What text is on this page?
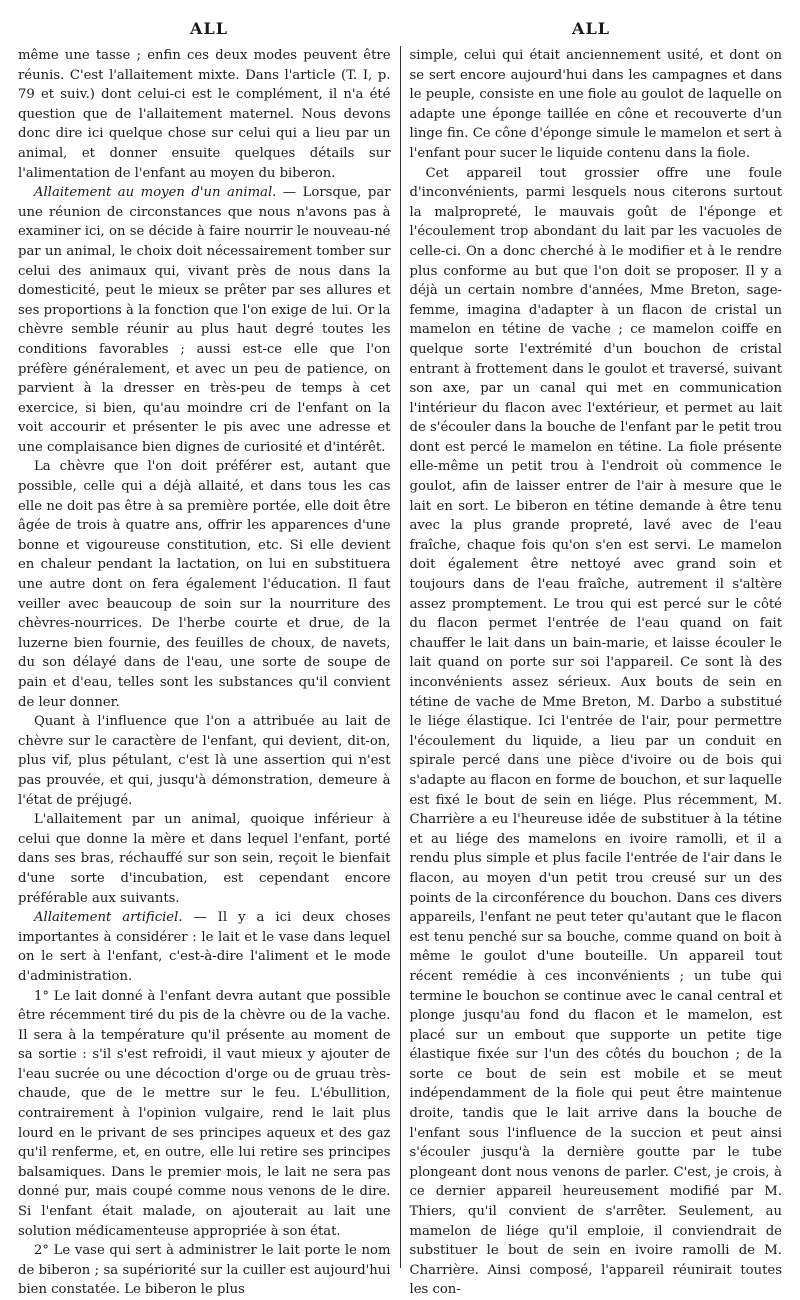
ALL	ALL

même une tasse ; enfin ces deux modes peuvent être réunis. C'est l'allaitement mixte. Dans l'article (T. I, p. 79 et suiv.) dont celui-ci est le complément, il n'a été question que de l'allaitement maternel. Nous devons donc dire ici quelque chose sur celui qui a lieu par un animal, et donner ensuite quelques détails sur l'alimentation de l'enfant au moyen du biberon.

Allaitement au moyen d'un animal. — Lorsque, par une réunion de circonstances que nous n'avons pas à examiner ici, on se décide à faire nourrir le nouveau-né par un animal, le choix doit nécessairement tomber sur celui des animaux qui, vivant près de nous dans la domesticité, peut le mieux se prêter par ses allures et ses proportions à la fonction que l'on exige de lui. Or la chèvre semble réunir au plus haut degré toutes les conditions favorables ; aussi est-ce elle que l'on préfère généralement, et avec un peu de patience, on parvient à la dresser en très-peu de temps à cet exercice, si bien, qu'au moindre cri de l'enfant on la voit accourir et présenter le pis avec une adresse et une complaisance bien dignes de curiosité et d'intérêt.

La chèvre que l'on doit préférer est, autant que possible, celle qui a déjà allaité, et dans tous les cas elle ne doit pas être à sa première portée, elle doit être âgée de trois à quatre ans, offrir les apparences d'une bonne et vigoureuse constitution, etc. Si elle devient en chaleur pendant la lactation, on lui en substituera une autre dont on fera également l'éducation. Il faut veiller avec beaucoup de soin sur la nourriture des chèvres-nourrices. De l'herbe courte et drue, de la luzerne bien fournie, des feuilles de choux, de navets, du son délayé dans de l'eau, une sorte de soupe de pain et d'eau, telles sont les substances qu'il convient de leur donner.

Quant à l'influence que l'on a attribuée au lait de chèvre sur le caractère de l'enfant, qui devient, dit-on, plus vif, plus pétulant, c'est là une assertion qui n'est pas prouvée, et qui, jusqu'à démonstration, demeure à l'état de préjugé.

L'allaitement par un animal, quoique inférieur à celui que donne la mère et dans lequel l'enfant, porté dans ses bras, réchauffé sur son sein, reçoit le bienfait d'une sorte d'incubation, est cependant encore préférable aux suivants.

Allaitement artificiel. — Il y a ici deux choses importantes à considérer : le lait et le vase dans lequel on le sert à l'enfant, c'est-à-dire l'aliment et le mode d'administration.

1° Le lait donné à l'enfant devra autant que possible être récemment tiré du pis de la chèvre ou de la vache. Il sera à la température qu'il présente au moment de sa sortie : s'il s'est refroidi, il vaut mieux y ajouter de l'eau sucrée ou une décoction d'orge ou de gruau très-chaude, que de le mettre sur le feu. L'ébullition, contrairement à l'opinion vulgaire, rend le lait plus lourd en le privant de ses principes aqueux et des gaz qu'il renferme, et, en outre, elle lui retire ses principes balsamiques. Dans le premier mois, le lait ne sera pas donné pur, mais coupé comme nous venons de le dire. Si l'enfant était malade, on ajouterait au lait une solution médicamenteuse appropriée à son état.

2° Le vase qui sert à administrer le lait porte le nom de biberon ; sa supériorité sur la cuiller est aujourd'hui bien constatée. Le biberon le plus

simple, celui qui était anciennement usité, et dont on se sert encore aujourd'hui dans les campagnes et dans le peuple, consiste en une fiole au goulot de laquelle on adapte une éponge taillée en cône et recouverte d'un linge fin. Ce cône d'éponge simule le mamelon et sert à l'enfant pour sucer le liquide contenu dans la fiole.

Cet appareil tout grossier offre une foule d'inconvénients, parmi lesquels nous citerons surtout la malpropreté, le mauvais goût de l'éponge et l'écoulement trop abondant du lait par les vacuoles de celle-ci. On a donc cherché à le modifier et à le rendre plus conforme au but que l'on doit se proposer. Il y a déjà un certain nombre d'années, Mme Breton, sage-femme, imagina d'adapter à un flacon de cristal un mamelon en tétine de vache ; ce mamelon coiffe en quelque sorte l'extrémité d'un bouchon de cristal entrant à frottement dans le goulot et traversé, suivant son axe, par un canal qui met en communication l'intérieur du flacon avec l'extérieur, et permet au lait de s'écouler dans la bouche de l'enfant par le petit trou dont est percé le mamelon en tétine. La fiole présente elle-même un petit trou à l'endroit où commence le goulot, afin de laisser entrer de l'air à mesure que le lait en sort. Le biberon en tétine demande à être tenu avec la plus grande propreté, lavé avec de l'eau fraîche, chaque fois qu'on s'en est servi. Le mamelon doit également être nettoyé avec grand soin et toujours dans de l'eau fraîche, autrement il s'altère assez promptement. Le trou qui est percé sur le côté du flacon permet l'entrée de l'eau quand on fait chauffer le lait dans un bain-marie, et laisse écouler le lait quand on porte sur soi l'appareil. Ce sont là des inconvénients assez sérieux. Aux bouts de sein en tétine de vache de Mme Breton, M. Darbo a substitué le liége élastique. Ici l'entrée de l'air, pour permettre l'écoulement du liquide, a lieu par un conduit en spirale percé dans une pièce d'ivoire ou de bois qui s'adapte au flacon en forme de bouchon, et sur laquelle est fixé le bout de sein en liége. Plus récemment, M. Charrière a eu l'heureuse idée de substituer à la tétine et au liége des mamelons en ivoire ramolli, et il a rendu plus simple et plus facile l'entrée de l'air dans le flacon, au moyen d'un petit trou creusé sur un des points de la circonférence du bouchon. Dans ces divers appareils, l'enfant ne peut teter qu'autant que le flacon est tenu penché sur sa bouche, comme quand on boit à même le goulot d'une bouteille. Un appareil tout récent remédie à ces inconvénients ; un tube qui termine le bouchon se continue avec le canal central et plonge jusqu'au fond du flacon et le mamelon, est placé sur un embout que supporte un petite tige élastique fixée sur l'un des côtés du bouchon ; de la sorte ce bout de sein est mobile et se meut indépendamment de la fiole qui peut être maintenue droite, tandis que le lait arrive dans la bouche de l'enfant sous l'influence de la succion et peut ainsi s'écouler jusqu'à la dernière goutte par le tube plongeant dont nous venons de parler. C'est, je crois, à ce dernier appareil heureusement modifié par M. Thiers, qu'il convient de s'arrêter. Seulement, au mamelon de liége qu'il emploie, il conviendrait de substituer le bout de sein en ivoire ramolli de M. Charrière. Ainsi composé, l'appareil réunirait toutes les con-
